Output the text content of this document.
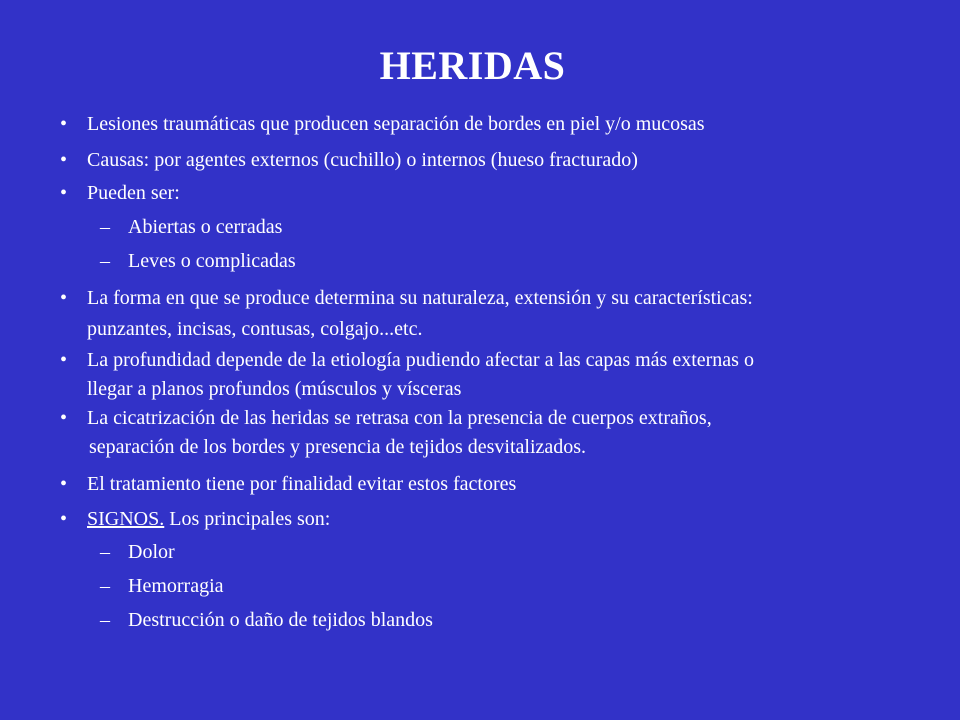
HERIDAS
• Lesiones traumáticas que producen separación de bordes en piel y/o mucosas
• Causas: por agentes externos (cuchillo) o internos (hueso fracturado)
• Pueden ser:
– Abiertas o cerradas
– Leves o complicadas
• La forma en que se produce determina su naturaleza, extensión y su características:
punzantes, incisas, contusas, colgajo...etc.
• La profundidad depende de la etiología pudiendo afectar a las capas más externas o
llegar a planos profundos (músculos y vísceras
• La cicatrización de las heridas se retrasa con la presencia de cuerpos extraños,
separación de los bordes y presencia de tejidos desvitalizados.
• El tratamiento tiene por finalidad evitar estos factores
• SIGNOS. Los principales son:
– Dolor
– Hemorragia
– Destrucción o daño de tejidos blandos
